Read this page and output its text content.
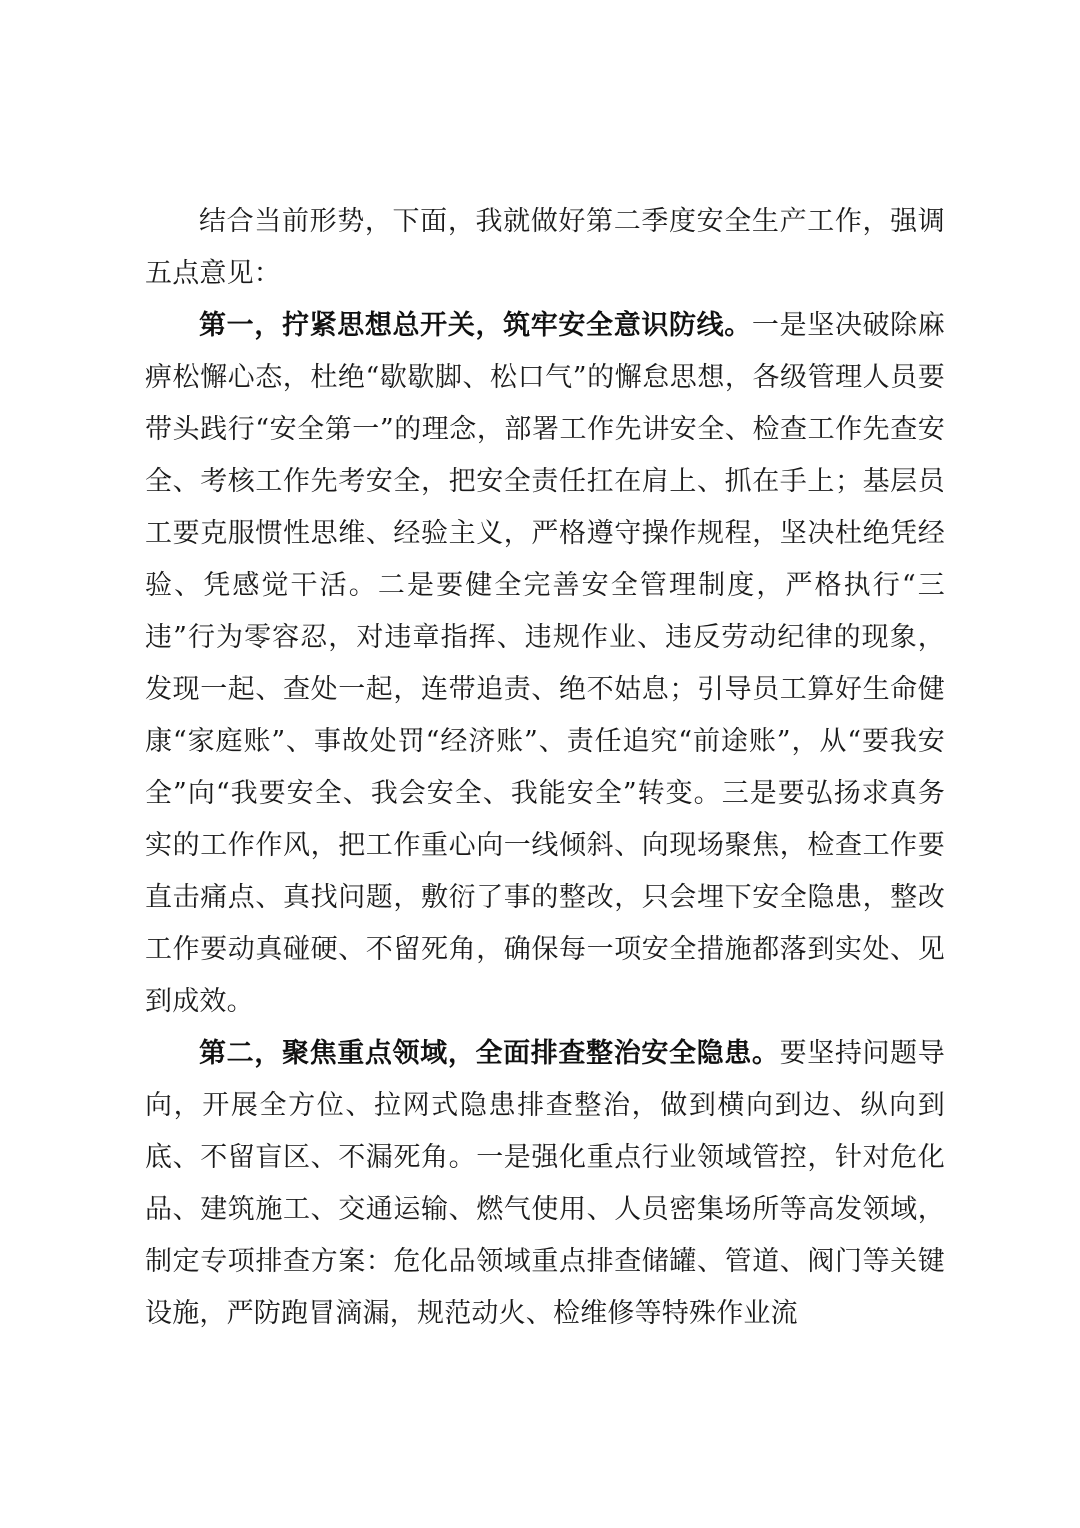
结合当前形势，下面，我就做好第二季度安全生产工作，强调五点意见：

第一，拧紧思想总开关，筑牢安全意识防线。一是坚决破除麻痹松懈心态，杜绝“歇歇脚、松口气”的懈怠思想，各级管理人员要带头践行“安全第一”的理念，部署工作先讲安全、检查工作先查安全、考核工作先考安全，把安全责任扛在肩上、抓在手上；基层员工要克服惯性思维、经验主义，严格遵守操作规程，坚决杜绝凭经验、凭感觉干活。二是要健全完善安全管理制度，严格执行“三违”行为零容忍，对违章指挥、违规作业、违反劳动纪律的现象，发现一起、查处一起，连带追责、绝不姑息；引导员工算好生命健康“家庭账”、事故处罚“经济账”、责任追究“前途账”，从“要我安全”向“我要安全、我会安全、我能安全”转变。三是要弘扬求真务实的工作作风，把工作重心向一线倾斜、向现场聚焦，检查工作要直击痛点、真找问题，敷衍了事的整改，只会埋下安全隐患，整改工作要动真碰硬、不留死角，确保每一项安全措施都落到实处、见到成效。

第二，聚焦重点领域，全面排查整治安全隐患。要坚持问题导向，开展全方位、拉网式隐患排查整治，做到横向到边、纵向到底、不留盲区、不漏死角。一是强化重点行业领域管控，针对危化品、建筑施工、交通运输、燃气使用、人员密集场所等高发领域，制定专项排查方案：危化品领域重点排查储罐、管道、阀门等关键设施，严防跑冒滴漏，规范动火、检维修等特殊作业流
